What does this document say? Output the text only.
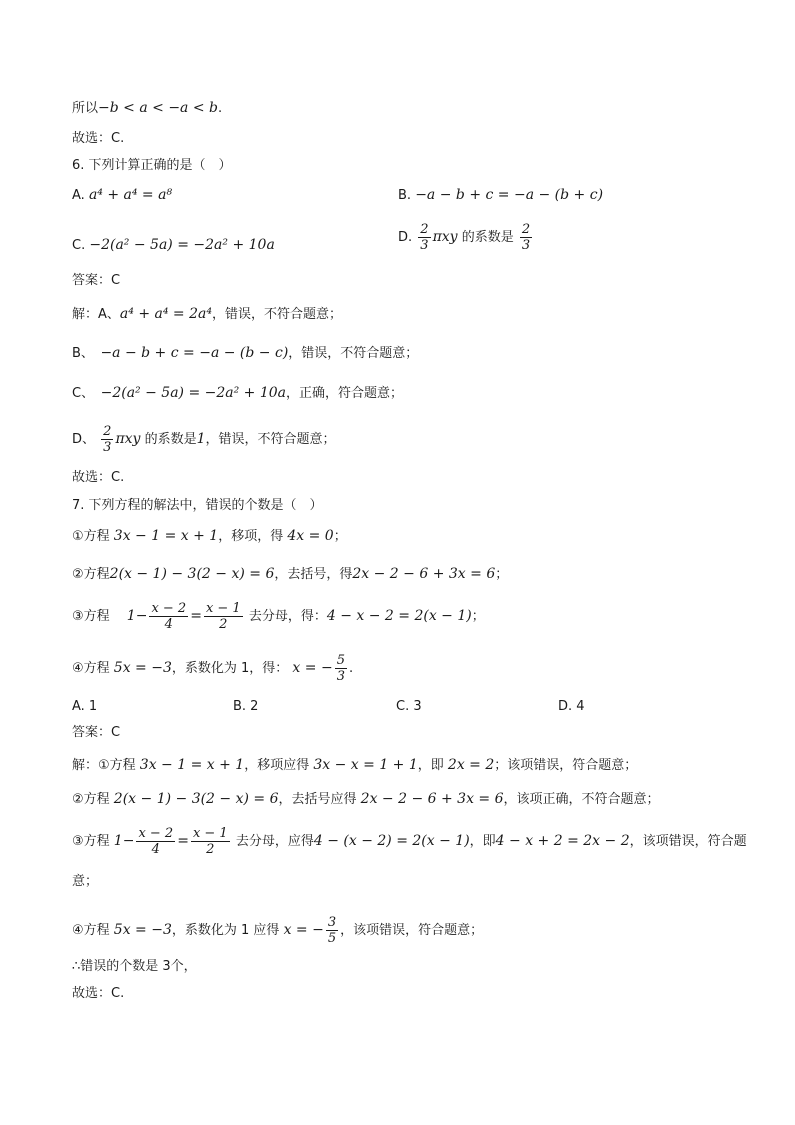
所以−b < a < −a < b.
故选：C.
6. 下列计算正确的是（　）
A. a⁴ + a⁴ = a⁸	B. −a − b + c = −a − (b + c)
C. −2(a² − 5a) = −2a² + 10a	D. $\frac{2}{3}$ πxy 的系数是 $\frac{2}{3}$
答案：C
解：A、a⁴ + a⁴ = 2a⁴，错误，不符合题意；
B、　 −a − b + c = −a − (b − c)，错误，不符合题意；
C、　 −2(a² − 5a) = −2a² + 10a，正确，符合题意；
D、 $\frac{2}{3}$ πxy 的系数是1，错误，不符合题意；
故选：C.
7. 下列方程的解法中，错误的个数是（　）
①方程 3x − 1 = x + 1，移项，得 4x = 0；
②方程2(x − 1) − 3(2 − x) = 6，去括号，得2x − 2 − 6 + 3x = 6；
③方程　 $1- \frac{x - 2}{4} = \frac{x - 1}{2}$ 去分母，得：4 − x − 2 = 2(x − 1)；
④方程 5x = −3，系数化为 1，得： x = − $\frac{5}{3}$ .
A. 1	B. 2	C. 3	D. 4
答案：C
解：①方程 3x − 1 = x + 1，移项应得 3x − x = 1 + 1，即 2x = 2；该项错误，符合题意；
②方程 2(x − 1) − 3(2 − x) = 6，去括号应得 2x − 2 − 6 + 3x = 6，该项正确，不符合题意；
③方程 $1- \frac{x - 2}{4} = \frac{x - 1}{2}$ 去分母，应得4 − (x − 2) = 2(x − 1)，即4 − x + 2 = 2x − 2，该项错误，符合题
意；
④方程 5x = −3，系数化为 1 应得 x = − $\frac{3}{5}$ ，该项错误，符合题意；
∴错误的个数是 3个，
故选：C.
